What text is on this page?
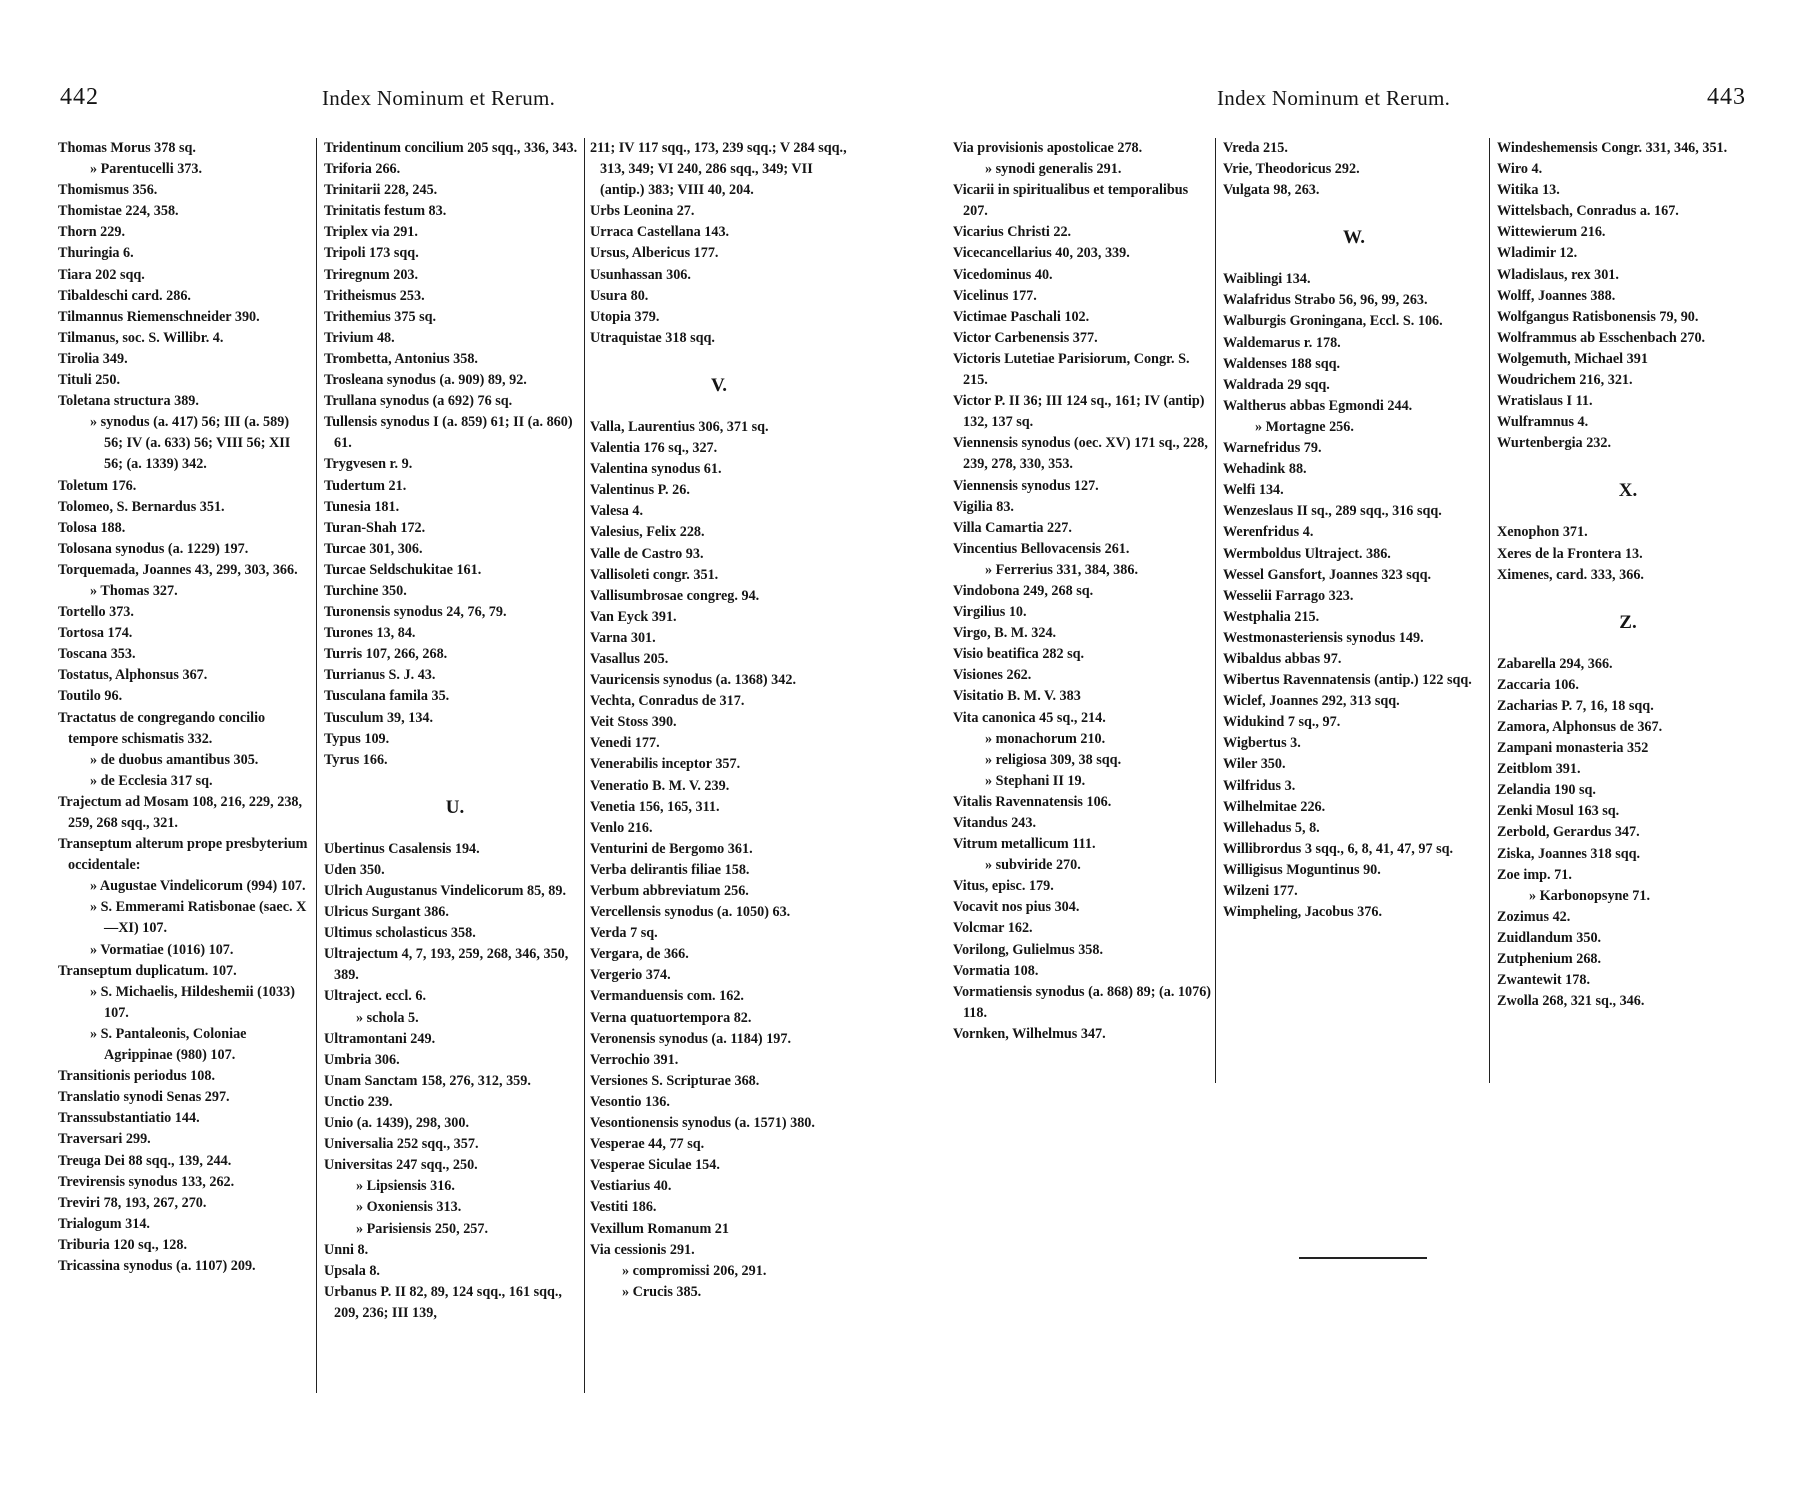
442	Index Nominum et Rerum.
Thomas Morus 378 sq.
» Parentucelli 373.
Thomismus 356.
Thomistae 224, 358.
Thorn 229.
Thuringia 6.
Tiara 202 sqq.
Tibaldeschi card. 286.
Tilmannus Riemenschneider 390.
Tilmanus, soc. S. Willibr. 4.
Tirolia 349.
Tituli 250.
Toletana structura 389.
» synodus (a. 417) 56; III (a. 589) 56; IV (a. 633) 56; VIII 56; XII 56; (a. 1339) 342.
Toletum 176.
Tolomeo, S. Bernardus 351.
Tolosa 188.
Tolosana synodus (a. 1229) 197.
Torquemada, Joannes 43, 299, 303, 366.
» Thomas 327.
Tortello 373.
Tortosa 174.
Toscana 353.
Tostatus, Alphonsus 367.
Toutilo 96.
Tractatus de congregando concilio tempore schismatis 332.
» de duobus amantibus 305.
» de Ecclesia 317 sq.
Trajectum ad Mosam 108, 216, 229, 238, 259, 268 sqq., 321.
Transeptum alterum prope presbyterium occidentale:
» Augustae Vindelicorum (994) 107.
» S. Emmerami Ratisbonae (saec. X—XI) 107.
» Vormatiae (1016) 107.
Transeptum duplicatum. 107.
» S. Michaelis, Hildeshemii (1033) 107.
» S. Pantaleonis, Coloniae Agrippinae (980) 107.
Transitionis periodus 108.
Translatio synodi Senas 297.
Transsubstantiatio 144.
Traversari 299.
Treuga Dei 88 sqq., 139, 244.
Trevirensis synodus 133, 262.
Treviri 78, 193, 267, 270.
Trialogum 314.
Triburia 120 sq., 128.
Tricassina synodus (a. 1107) 209.
Tridentinum concilium 205 sqq., 336, 343.
Triforia 266.
Trinitarii 228, 245.
Trinitatis festum 83.
Triplex via 291.
Tripoli 173 sqq.
Triregnum 203.
Tritheismus 253.
Trithemius 375 sq.
Trivium 48.
Trombetta, Antonius 358.
Trosleana synodus (a. 909) 89, 92.
Trullana synodus (a 692) 76 sq.
Tullensis synodus I (a. 859) 61; II (a. 860) 61.
Trygvesen r. 9.
Tudertum 21.
Tunesia 181.
Turan-Shah 172.
Turcae 301, 306.
Turcae Seldschukitae 161.
Turchine 350.
Turonensis synodus 24, 76, 79.
Turones 13, 84.
Turris 107, 266, 268.
Turrianus S. J. 43.
Tusculana famila 35.
Tusculum 39, 134.
Typus 109.
Tyrus 166.
U.
Ubertinus Casalensis 194.
Uden 350.
Ulrich Augustanus Vindelicorum 85, 89.
Ulricus Surgant 386.
Ultimus scholasticus 358.
Ultrajectum 4, 7, 193, 259, 268, 346, 350, 389.
Ultraject. eccl. 6.
» schola 5.
Ultramontani 249.
Umbria 306.
Unam Sanctam 158, 276, 312, 359.
Unctio 239.
Unio (a. 1439), 298, 300.
Universalia 252 sqq., 357.
Universitas 247 sqq., 250.
» Lipsiensis 316.
» Oxoniensis 313.
» Parisiensis 250, 257.
Unni 8.
Upsala 8.
Urbanus P. II 82, 89, 124 sqq., 161 sqq., 209, 236; III 139,
211; IV 117 sqq., 173, 239 sqq.; V 284 sqq., 313, 349; VI 240, 286 sqq., 349; VII (antip.) 383; VIII 40, 204.
Urbs Leonina 27.
Urraca Castellana 143.
Ursus, Albericus 177.
Usunhassan 306.
Usura 80.
Utopia 379.
Utraquistae 318 sqq.
V.
Valla, Laurentius 306, 371 sq.
Valentia 176 sq., 327.
Valentina synodus 61.
Valentinus P. 26.
Valesa 4.
Valesius, Felix 228.
Valle de Castro 93.
Vallisoleti congr. 351.
Vallisumbrosae congreg. 94.
Van Eyck 391.
Varna 301.
Vasallus 205.
Vauricensis synodus (a. 1368) 342.
Vechta, Conradus de 317.
Veit Stoss 390.
Venedi 177.
Venerabilis inceptor 357.
Veneratio B. M. V. 239.
Venetia 156, 165, 311.
Venlo 216.
Venturini de Bergomo 361.
Verba delirantis filiae 158.
Verbum abbreviatum 256.
Vercellensis synodus (a. 1050) 63.
Verda 7 sq.
Vergara, de 366.
Vergerio 374.
Vermanduensis com. 162.
Verna quatuortempora 82.
Veronensis synodus (a. 1184) 197.
Verrochio 391.
Versiones S. Scripturae 368.
Vesontio 136.
Vesontionensis synodus (a. 1571) 380.
Vesperae 44, 77 sq.
Vesperae Siculae 154.
Vestiarius 40.
Vestiti 186.
Vexillum Romanum 21
Via cessionis 291.
» compromissi 206, 291.
» Crucis 385.
Index Nominum et Rerum.	443
Via provisionis apostolicae 278.
» synodi generalis 291.
Vicarii in spiritualibus et temporalibus 207.
Vicarius Christi 22.
Vicecancellarius 40, 203, 339.
Vicedominus 40.
Vicelinus 177.
Victimae Paschali 102.
Victor Carbenensis 377.
Victoris Lutetiae Parisiorum, Congr. S. 215.
Victor P. II 36; III 124 sq., 161; IV (antip) 132, 137 sq.
Viennensis synodus (oec. XV) 171 sq., 228, 239, 278, 330, 353.
Viennensis synodus 127.
Vigilia 83.
Villa Camartia 227.
Vincentius Bellovacensis 261.
» Ferrerius 331, 384, 386.
Vindobona 249, 268 sq.
Virgilius 10.
Virgo, B. M. 324.
Visio beatifica 282 sq.
Visiones 262.
Visitatio B. M. V. 383
Vita canonica 45 sq., 214.
» monachorum 210.
» religiosa 309, 38 sqq.
» Stephani II 19.
Vitalis Ravennatensis 106.
Vitandus 243.
Vitrum metallicum 111.
» subviride 270.
Vitus, episc. 179.
Vocavit nos pius 304.
Volcmar 162.
Vorilong, Gulielmus 358.
Vormatia 108.
Vormatiensis synodus (a. 868) 89; (a. 1076) 118.
Vornken, Wilhelmus 347.
Vreda 215.
Vrie, Theodoricus 292.
Vulgata 98, 263.
W.
Waiblingi 134.
Walafridus Strabo 56, 96, 99, 263.
Walburgis Groningana, Eccl. S. 106.
Waldemarus r. 178.
Waldenses 188 sqq.
Waldrada 29 sqq.
Waltherus abbas Egmondi 244.
» Mortagne 256.
Warnefridus 79.
Wehadink 88.
Welfi 134.
Wenzeslaus II sq., 289 sqq., 316 sqq.
Werenfridus 4.
Wermboldus Ultraject. 386.
Wessel Gansfort, Joannes 323 sqq.
Wesselii Farrago 323.
Westphalia 215.
Westmonasteriensis synodus 149.
Wibaldus abbas 97.
Wibertus Ravennatensis (antip.) 122 sqq.
Wiclef, Joannes 292, 313 sqq.
Widukind 7 sq., 97.
Wigbertus 3.
Wiler 350.
Wilfridus 3.
Wilhelmitae 226.
Willehadus 5, 8.
Willibrordus 3 sqq., 6, 8, 41, 47, 97 sq.
Willigisus Moguntinus 90.
Wilzeni 177.
Wimpheling, Jacobus 376.
Windeshemensis Congr. 331, 346, 351.
Wiro 4.
Witika 13.
Wittelsbach, Conradus a. 167.
Wittewierum 216.
Wladimir 12.
Wladislaus, rex 301.
Wolff, Joannes 388.
Wolfgangus Ratisbonensis 79, 90.
Wolframmus ab Esschenbach 270.
Wolgemuth, Michael 391
Woudrichem 216, 321.
Wratislaus I 11.
Wulframnus 4.
Wurtenbergia 232.
X.
Xenophon 371.
Xeres de la Frontera 13.
Ximenes, card. 333, 366.
Z.
Zabarella 294, 366.
Zaccaria 106.
Zacharias P. 7, 16, 18 sqq.
Zamora, Alphonsus de 367.
Zampani monasteria 352
Zeitblom 391.
Zelandia 190 sq.
Zenki Mosul 163 sq.
Zerbold, Gerardus 347.
Ziska, Joannes 318 sqq.
Zoe imp. 71.
» Karbonopsyne 71.
Zozimus 42.
Zuidlandum 350.
Zutphenium 268.
Zwantewit 178.
Zwolla 268, 321 sq., 346.
